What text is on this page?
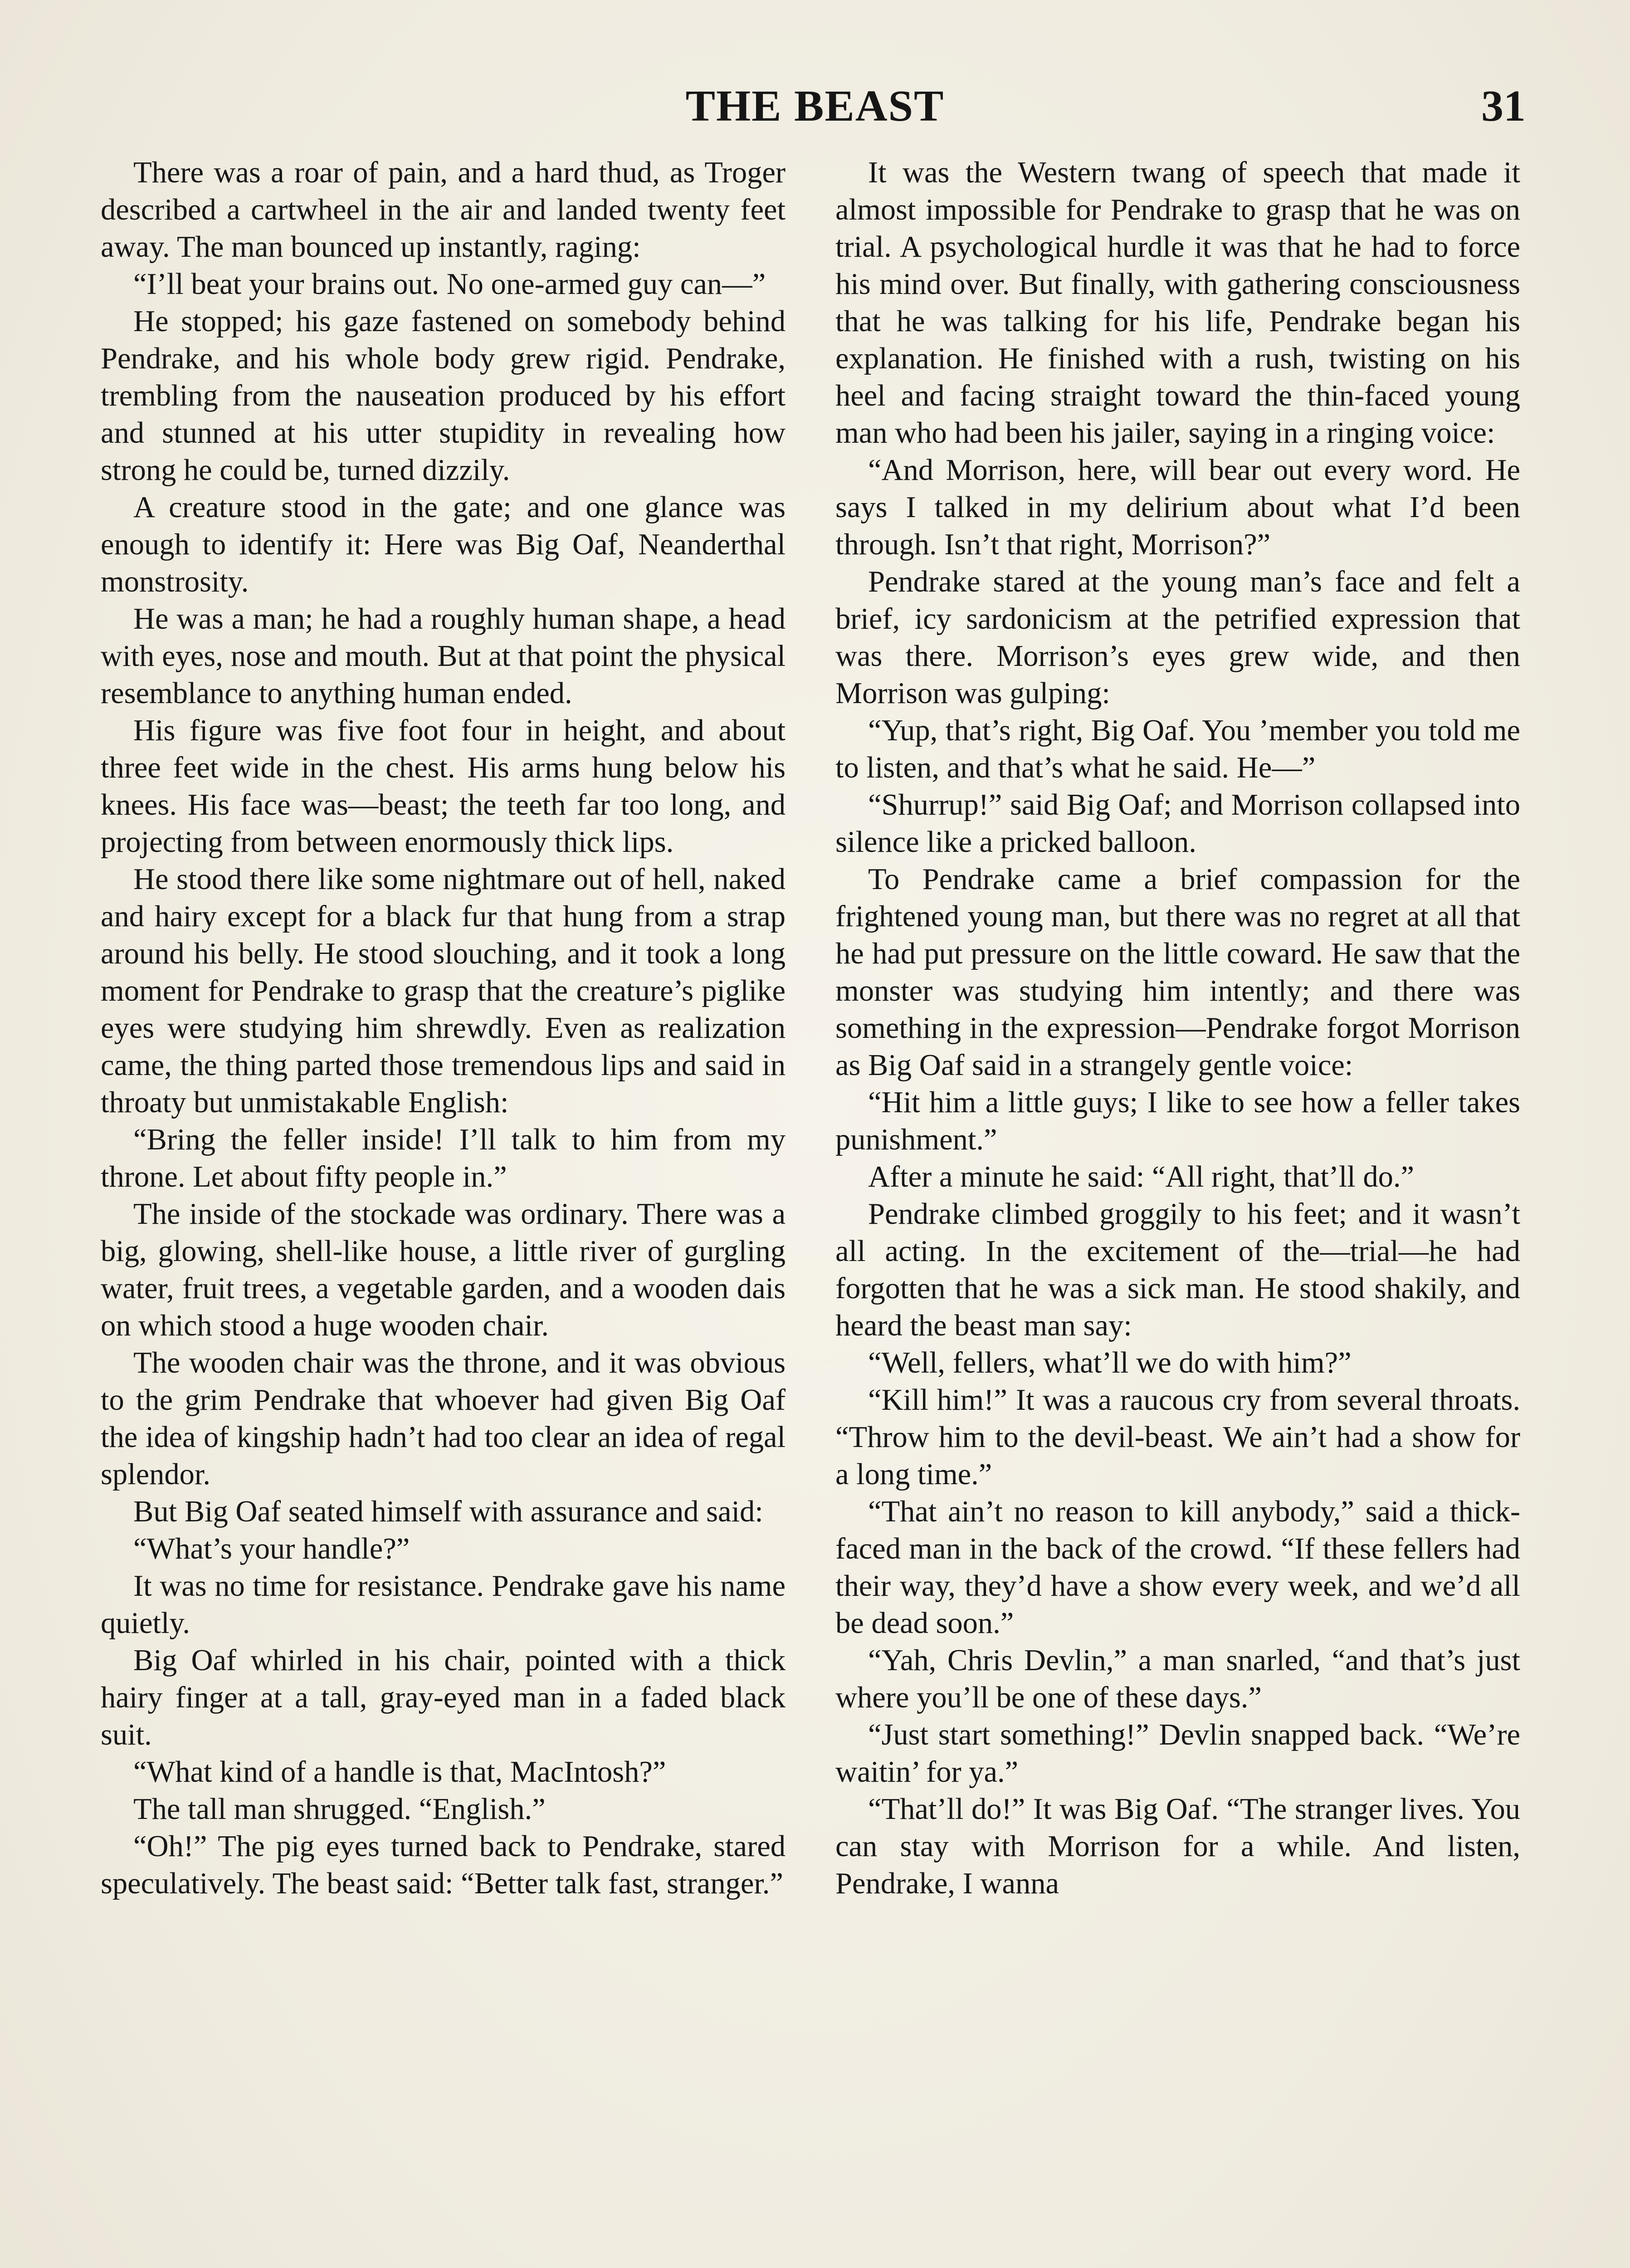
THE BEAST	31

There was a roar of pain, and a hard thud, as Troger described a cartwheel in the air and landed twenty feet away. The man bounced up instantly, raging:

“I’ll beat your brains out. No one-armed guy can—”

He stopped; his gaze fastened on somebody behind Pendrake, and his whole body grew rigid. Pendrake, trembling from the nauseation produced by his effort and stunned at his utter stupidity in revealing how strong he could be, turned dizzily.

A creature stood in the gate; and one glance was enough to identify it: Here was Big Oaf, Neanderthal monstrosity.

He was a man; he had a roughly human shape, a head with eyes, nose and mouth. But at that point the physical resemblance to anything human ended.

His figure was five foot four in height, and about three feet wide in the chest. His arms hung below his knees. His face was—beast; the teeth far too long, and projecting from between enormously thick lips.

He stood there like some nightmare out of hell, naked and hairy except for a black fur that hung from a strap around his belly. He stood slouching, and it took a long moment for Pendrake to grasp that the creature’s piglike eyes were studying him shrewdly. Even as realization came, the thing parted those tremendous lips and said in throaty but unmistakable English:

“Bring the feller inside! I’ll talk to him from my throne. Let about fifty people in.”

The inside of the stockade was ordinary. There was a big, glowing, shell-like house, a little river of gurgling water, fruit trees, a vegetable garden, and a wooden dais on which stood a huge wooden chair.

The wooden chair was the throne, and it was obvious to the grim Pendrake that whoever had given Big Oaf the idea of kingship hadn’t had too clear an idea of regal splendor.

But Big Oaf seated himself with assurance and said:

“What’s your handle?”

It was no time for resistance. Pendrake gave his name quietly.

Big Oaf whirled in his chair, pointed with a thick hairy finger at a tall, gray-eyed man in a faded black suit.

“What kind of a handle is that, MacIntosh?”

The tall man shrugged. “English.”

“Oh!” The pig eyes turned back to Pendrake, stared speculatively. The beast said: “Better talk fast, stranger.”

It was the Western twang of speech that made it almost impossible for Pendrake to grasp that he was on trial. A psychological hurdle it was that he had to force his mind over. But finally, with gathering consciousness that he was talking for his life, Pendrake began his explanation. He finished with a rush, twisting on his heel and facing straight toward the thin-faced young man who had been his jailer, saying in a ringing voice:

“And Morrison, here, will bear out every word. He says I talked in my delirium about what I’d been through. Isn’t that right, Morrison?”

Pendrake stared at the young man’s face and felt a brief, icy sardonicism at the petrified expression that was there. Morrison’s eyes grew wide, and then Morrison was gulping:

“Yup, that’s right, Big Oaf. You ’member you told me to listen, and that’s what he said. He—”

“Shurrup!” said Big Oaf; and Morrison collapsed into silence like a pricked balloon.

To Pendrake came a brief compassion for the frightened young man, but there was no regret at all that he had put pressure on the little coward. He saw that the monster was studying him intently; and there was something in the expression—Pendrake forgot Morrison as Big Oaf said in a strangely gentle voice:

“Hit him a little guys; I like to see how a feller takes punishment.”

After a minute he said: “All right, that’ll do.”

Pendrake climbed groggily to his feet; and it wasn’t all acting. In the excitement of the—trial—he had forgotten that he was a sick man. He stood shakily, and heard the beast man say:

“Well, fellers, what’ll we do with him?”

“Kill him!” It was a raucous cry from several throats. “Throw him to the devil-beast. We ain’t had a show for a long time.”

“That ain’t no reason to kill anybody,” said a thick-faced man in the back of the crowd. “If these fellers had their way, they’d have a show every week, and we’d all be dead soon.”

“Yah, Chris Devlin,” a man snarled, “and that’s just where you’ll be one of these days.”

“Just start something!” Devlin snapped back. “We’re waitin’ for ya.”

“That’ll do!” It was Big Oaf. “The stranger lives. You can stay with Morrison for a while. And listen, Pendrake, I wanna
